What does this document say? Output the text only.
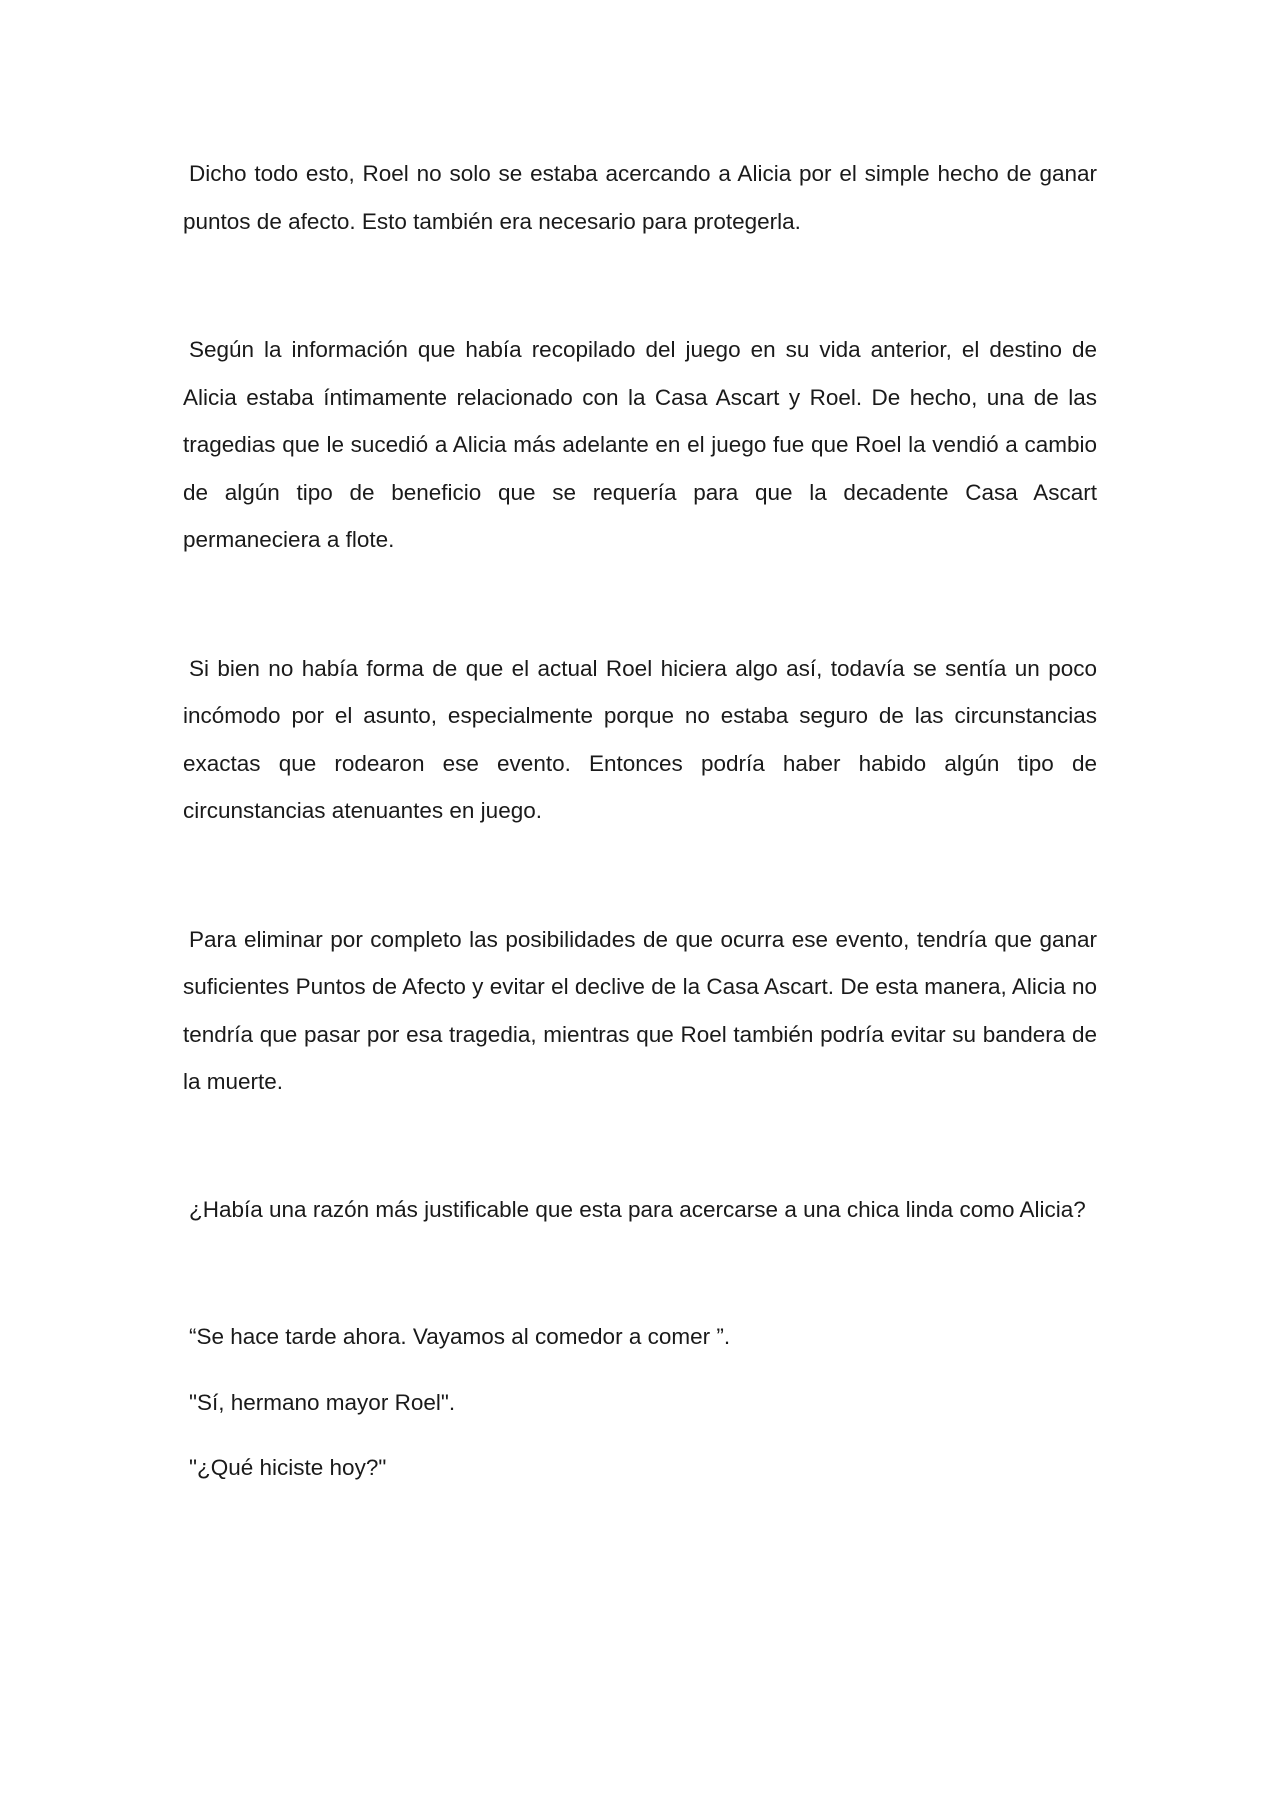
Dicho todo esto, Roel no solo se estaba acercando a Alicia por el simple hecho de ganar puntos de afecto. Esto también era necesario para protegerla.

Según la información que había recopilado del juego en su vida anterior, el destino de Alicia estaba íntimamente relacionado con la Casa Ascart y Roel. De hecho, una de las tragedias que le sucedió a Alicia más adelante en el juego fue que Roel la vendió a cambio de algún tipo de beneficio que se requería para que la decadente Casa Ascart permaneciera a flote.

Si bien no había forma de que el actual Roel hiciera algo así, todavía se sentía un poco incómodo por el asunto, especialmente porque no estaba seguro de las circunstancias exactas que rodearon ese evento. Entonces podría haber habido algún tipo de circunstancias atenuantes en juego.

Para eliminar por completo las posibilidades de que ocurra ese evento, tendría que ganar suficientes Puntos de Afecto y evitar el declive de la Casa Ascart. De esta manera, Alicia no tendría que pasar por esa tragedia, mientras que Roel también podría evitar su bandera de la muerte.

¿Había una razón más justificable que esta para acercarse a una chica linda como Alicia?

“Se hace tarde ahora. Vayamos al comedor a comer ”.

"Sí, hermano mayor Roel".

"¿Qué hiciste hoy?"
